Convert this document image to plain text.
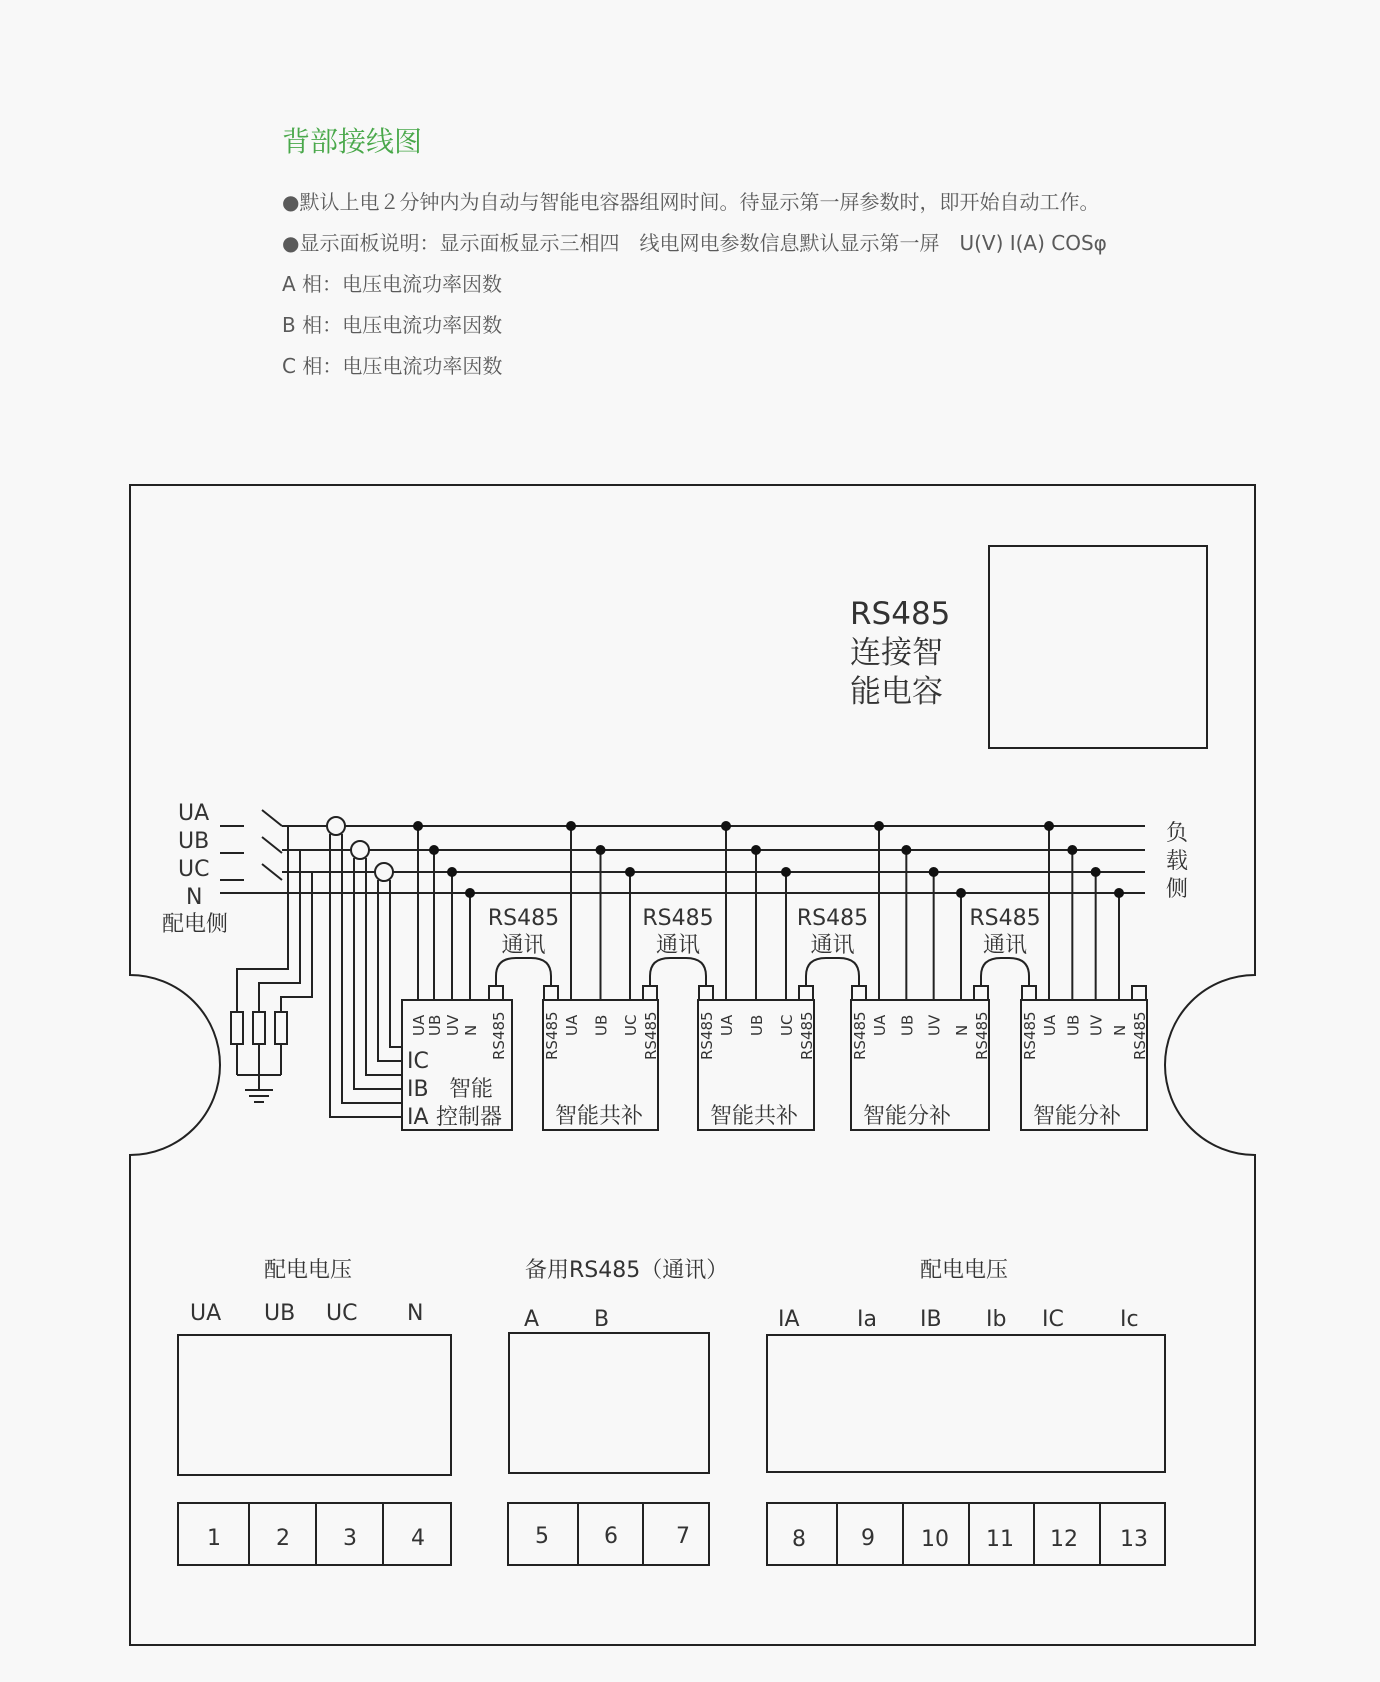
背部接线图

●默认上电２分钟内为自动与智能电容器组网时间。待显示第一屏参数时，即开始自动工作。

●显示面板说明：显示面板显示三相四　线电网电参数信息默认显示第一屏　U(V) I(A) COSφ

A 相：电压电流功率因数

B 相：电压电流功率因数

C 相：电压电流功率因数

RS485
连接智
能电容
UA
UB
UC
N
配电侧
负
载
侧
UA
UB UV N RS485
IC
IB
IA
智能
控制器
RS485	RS485
UA UB UC
智能共补
RS485
通讯
RS485	RS485
UA UB UC
智能共补
RS485
通讯
RS485	RS485
UA UB UV N
智能分补
RS485
通讯
RS485	RS485
UA UB UV N
智能分补
RS485
通讯
配电电压	备用RS485（通讯）	配电电压
UA UB UC N	A B	IA	Ia IB Ib IC	Ic
1	2 3 4	5	6	7	8	9 10 11 12 13
